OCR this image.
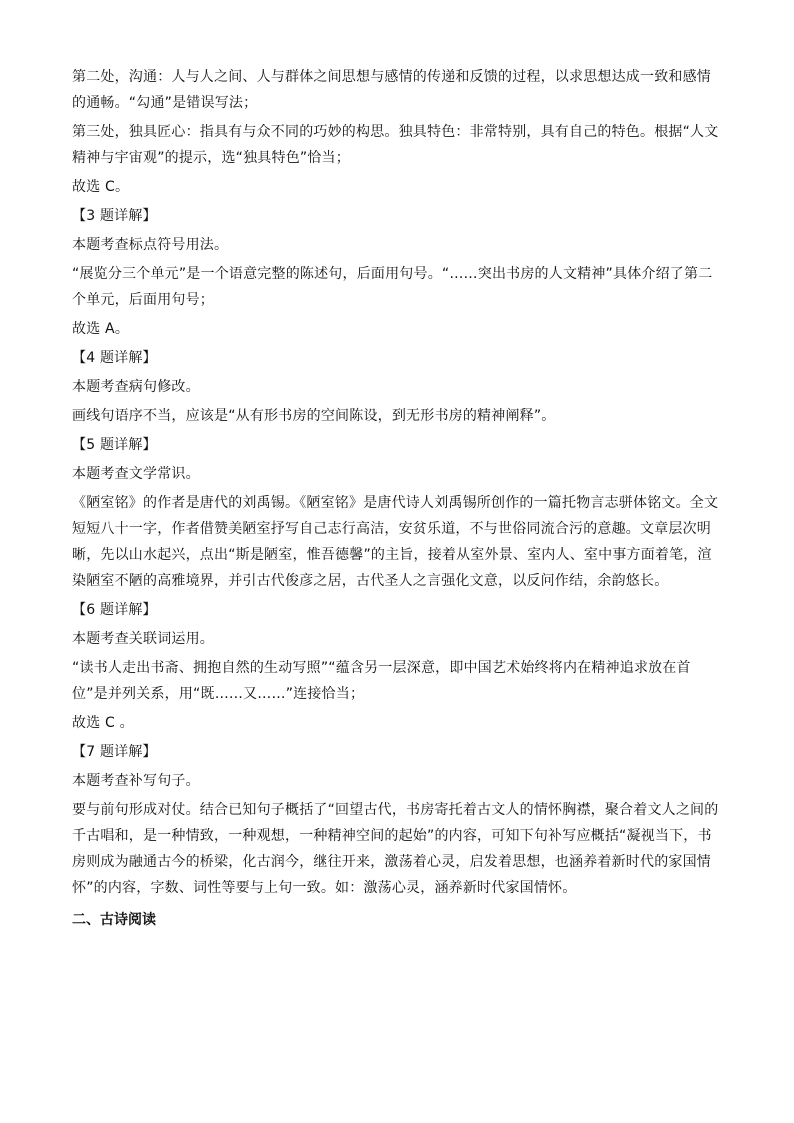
第二处，沟通：人与人之间、人与群体之间思想与感情的传递和反馈的过程，以求思想达成一致和感情的通畅。“勾通”是错误写法；

第三处，独具匠心：指具有与众不同的巧妙的构思。独具特色：非常特别，具有自己的特色。根据“人文精神与宇宙观”的提示，选“独具特色”恰当；

故选 C。

【3 题详解】

本题考查标点符号用法。

“展览分三个单元”是一个语意完整的陈述句，后面用句号。“……突出书房的人文精神”具体介绍了第二个单元，后面用句号；

故选 A。

【4 题详解】

本题考查病句修改。

画线句语序不当，应该是“从有形书房的空间陈设，到无形书房的精神阐释”。

【5 题详解】

本题考查文学常识。

《陋室铭》的作者是唐代的刘禹锡。《陋室铭》是唐代诗人刘禹锡所创作的一篇托物言志骈体铭文。全文短短八十一字，作者借赞美陋室抒写自己志行高洁，安贫乐道，不与世俗同流合污的意趣。文章层次明晰，先以山水起兴，点出“斯是陋室，惟吾德馨”的主旨，接着从室外景、室内人、室中事方面着笔，渲染陋室不陋的高雅境界，并引古代俊彦之居，古代圣人之言强化文意，以反问作结，余韵悠长。

【6 题详解】

本题考查关联词运用。

“读书人走出书斋、拥抱自然的生动写照”“蕴含另一层深意，即中国艺术始终将内在精神追求放在首位”是并列关系，用“既……又……”连接恰当；

故选 C 。

【7 题详解】

本题考查补写句子。

要与前句形成对仗。结合已知句子概括了“回望古代，书房寄托着古文人的情怀胸襟，聚合着文人之间的千古唱和，是一种情致，一种观想，一种精神空间的起始”的内容，可知下句补写应概括“凝视当下，书房则成为融通古今的桥梁，化古润今，继往开来，激荡着心灵，启发着思想，也涵养着新时代的家国情怀”的内容，字数、词性等要与上句一致。如：激荡心灵，涵养新时代家国情怀。

二、古诗阅读
